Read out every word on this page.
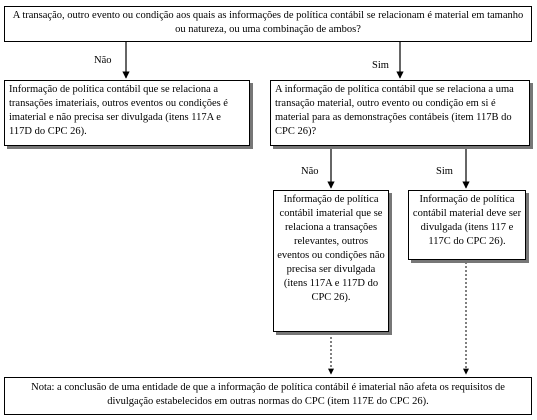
A transação, outro evento ou condição aos quais as informações de política contábil se relacionam é material em tamanho ou natureza, ou uma combinação de ambos?
Não	Sim
Informação de política contábil que se relaciona a transações imateriais, outros eventos ou condições é imaterial e não precisa ser divulgada (itens 117A e 117D do CPC 26).
A informação de política contábil que se relaciona a uma transação material, outro evento ou condição em si é material para as demonstrações contábeis (item 117B do CPC 26)?
Não	Sim
Informação de política contábil imaterial que se relaciona a transações relevantes, outros eventos ou condições não precisa ser divulgada (itens 117A e 117D do CPC 26).
Informação de política contábil material deve ser divulgada (itens 117 e 117C do CPC 26).
Nota: a conclusão de uma entidade de que a informação de política contábil é imaterial não afeta os requisitos de divulgação estabelecidos em outras normas do CPC (item 117E do CPC 26).
